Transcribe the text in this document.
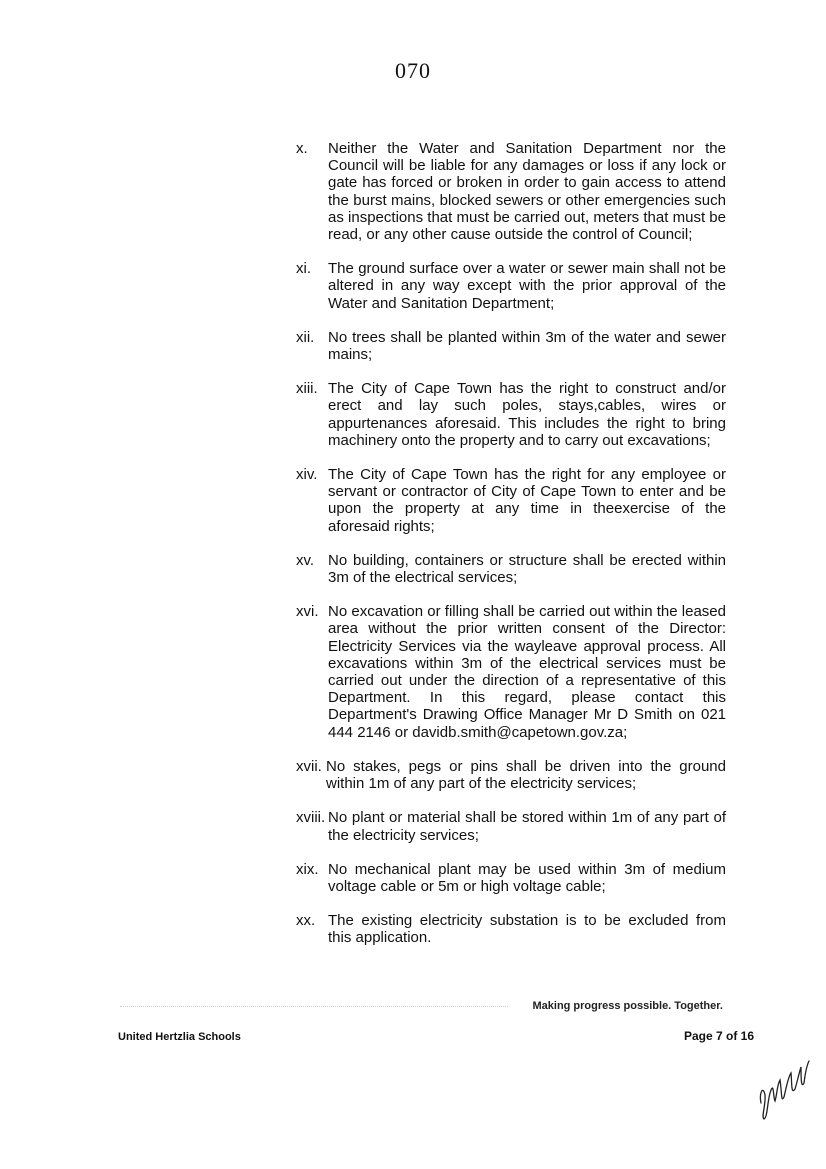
070
x.	Neither the Water and Sanitation Department nor the Council will be liable for any damages or loss if any lock or gate has forced or broken in order to gain access to attend the burst mains, blocked sewers or other emergencies such as inspections that must be carried out, meters that must be read, or any other cause outside the control of Council;
xi.	The ground surface over a water or sewer main shall not be altered in any way except with the prior approval of the Water and Sanitation Department;
xii. No trees shall be planted within 3m of the water and sewer mains;
xiii. The City of Cape Town has the right to construct and/or erect and lay such poles, stays,cables, wires or appurtenances aforesaid. This includes the right to bring machinery onto the property and to carry out excavations;
xiv. The City of Cape Town has the right for any employee or servant or contractor of City of Cape Town to enter and be upon the property at any time in theexercise of the aforesaid rights;
xv. No building, containers or structure shall be erected within 3m of the electrical services;
xvi. No excavation or filling shall be carried out within the leased area without the prior written consent of the Director: Electricity Services via the wayleave approval process. All excavations within 3m of the electrical services must be carried out under the direction of a representative of this Department. In this regard, please contact this Department's Drawing Office Manager Mr D Smith on 021 444 2146 or davidb.smith@capetown.gov.za;
xvii. No stakes, pegs or pins shall be driven into the ground within 1m of any part of the electricity services;
xviii. No plant or material shall be stored within 1m of any part of the electricity services;
xix. No mechanical plant may be used within 3m of medium voltage cable or 5m or high voltage cable;
xx. The existing electricity substation is to be excluded from this application.
Making progress possible. Together.
United Hertzlia Schools	Page 7 of 16
